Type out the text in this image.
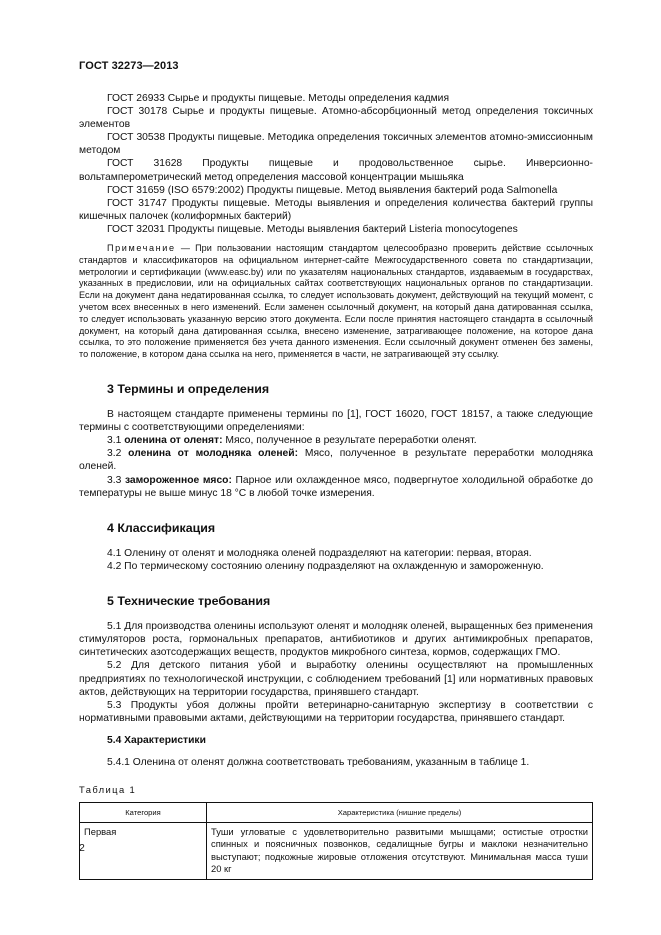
ГОСТ 32273—2013

ГОСТ 26933 Сырье и продукты пищевые. Методы определения кадмия

ГОСТ 30178 Сырье и продукты пищевые. Атомно-абсорбционный метод определения токсичных элементов

ГОСТ 30538 Продукты пищевые. Методика определения токсичных элементов атомно-эмиссионным методом

ГОСТ 31628 Продукты пищевые и продовольственное сырье. Инверсионно-вольтамперометрический метод определения массовой концентрации мышьяка

ГОСТ 31659 (ISO 6579:2002) Продукты пищевые. Метод выявления бактерий рода Salmonella

ГОСТ 31747 Продукты пищевые. Методы выявления и определения количества бактерий группы кишечных палочек (колиформных бактерий)

ГОСТ 32031 Продукты пищевые. Методы выявления бактерий Listeria monocytogenes

Примечание — При пользовании настоящим стандартом целесообразно проверить действие ссылочных стандартов и классификаторов на официальном интернет-сайте Межгосударственного совета по стандартизации, метрологии и сертификации (www.easc.by) или по указателям национальных стандартов, издаваемым в государствах, указанных в предисловии, или на официальных сайтах соответствующих национальных органов по стандартизации. Если на документ дана недатированная ссылка, то следует использовать документ, действующий на текущий момент, с учетом всех внесенных в него изменений. Если заменен ссылочный документ, на который дана датированная ссылка, то следует использовать указанную версию этого документа. Если после принятия настоящего стандарта в ссылочный документ, на который дана датированная ссылка, внесено изменение, затрагивающее положение, на которое дана ссылка, то это положение применяется без учета данного изменения. Если ссылочный документ отменен без замены, то положение, в котором дана ссылка на него, применяется в части, не затрагивающей эту ссылку.

3 Термины и определения

В настоящем стандарте применены термины по [1], ГОСТ 16020, ГОСТ 18157, а также следующие термины с соответствующими определениями:

3.1 оленина от оленят: Мясо, полученное в результате переработки оленят.

3.2 оленина от молодняка оленей: Мясо, полученное в результате переработки молодняка оленей.

3.3 замороженное мясо: Парное или охлажденное мясо, подвергнутое холодильной обработке до температуры не выше минус 18 °С в любой точке измерения.

4 Классификация

4.1 Оленину от оленят и молодняка оленей подразделяют на категории: первая, вторая.

4.2 По термическому состоянию оленину подразделяют на охлажденную и замороженную.

5 Технические требования

5.1 Для производства оленины используют оленят и молодняк оленей, выращенных без применения стимуляторов роста, гормональных препаратов, антибиотиков и других антимикробных препаратов, синтетических азотсодержащих веществ, продуктов микробного синтеза, кормов, содержащих ГМО.

5.2 Для детского питания убой и выработку оленины осуществляют на промышленных предприятиях по технологической инструкции, с соблюдением требований [1] или нормативных правовых актов, действующих на территории государства, принявшего стандарт.

5.3 Продукты убоя должны пройти ветеринарно-санитарную экспертизу в соответствии с нормативными правовыми актами, действующими на территории государства, принявшего стандарт.

5.4 Характеристики

5.4.1 Оленина от оленят должна соответствовать требованиям, указанным в таблице 1.

Таблица 1
Категория	Характеристика (нишние пределы)
Первая	Туши угловатые с удовлетворительно развитыми мышцами; остистые отростки спинных и поясничных позвонков, седалищные бугры и маклоки незначительно выступают; подкожные жировые отложения отсутствуют. Минимальная масса туши 20 кг
2
